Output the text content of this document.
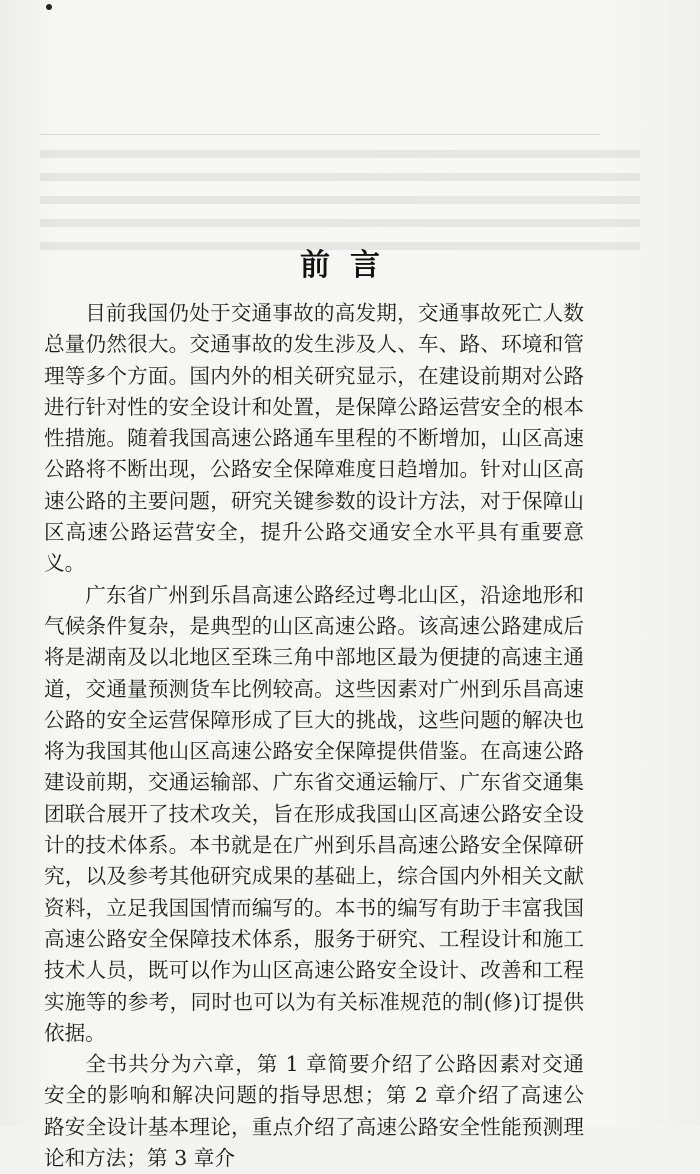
前言

目前我国仍处于交通事故的高发期，交通事故死亡人数总量仍然很大。交通事故的发生涉及人、车、路、环境和管理等多个方面。国内外的相关研究显示，在建设前期对公路进行针对性的安全设计和处置，是保障公路运营安全的根本性措施。随着我国高速公路通车里程的不断增加，山区高速公路将不断出现，公路安全保障难度日趋增加。针对山区高速公路的主要问题，研究关键参数的设计方法，对于保障山区高速公路运营安全，提升公路交通安全水平具有重要意义。

广东省广州到乐昌高速公路经过粤北山区，沿途地形和气候条件复杂，是典型的山区高速公路。该高速公路建成后将是湖南及以北地区至珠三角中部地区最为便捷的高速主通道，交通量预测货车比例较高。这些因素对广州到乐昌高速公路的安全运营保障形成了巨大的挑战，这些问题的解决也将为我国其他山区高速公路安全保障提供借鉴。在高速公路建设前期，交通运输部、广东省交通运输厅、广东省交通集团联合展开了技术攻关，旨在形成我国山区高速公路安全设计的技术体系。本书就是在广州到乐昌高速公路安全保障研究，以及参考其他研究成果的基础上，综合国内外相关文献资料，立足我国国情而编写的。本书的编写有助于丰富我国高速公路安全保障技术体系，服务于研究、工程设计和施工技术人员，既可以作为山区高速公路安全设计、改善和工程实施等的参考，同时也可以为有关标准规范的制(修)订提供依据。

全书共分为六章，第 1 章简要介绍了公路因素对交通安全的影响和解决问题的指导思想；第 2 章介绍了高速公路安全设计基本理论，重点介绍了高速公路安全性能预测理论和方法；第 3 章介
